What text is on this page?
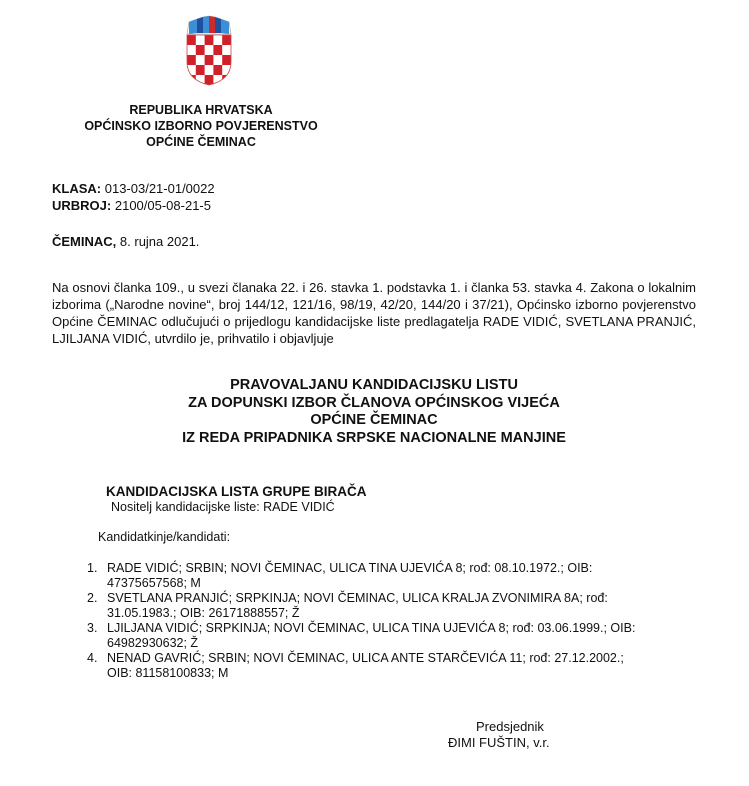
REPUBLIKA HRVATSKA
OPĆINSKO IZBORNO POVJERENSTVO
OPĆINE ČEMINAC
KLASA: 013-03/21-01/0022
URBROJ: 2100/05-08-21-5
ČEMINAC, 8. rujna 2021.
Na osnovi članka 109., u svezi članaka 22. i 26. stavka 1. podstavka 1. i članka 53. stavka 4. Zakona o lokalnim izborima („Narodne novine“, broj 144/12, 121/16, 98/19, 42/20, 144/20 i 37/21), Općinsko izborno povjerenstvo Općine ČEMINAC odlučujući o prijedlogu kandidacijske liste predlagatelja RADE VIDIĆ, SVETLANA PRANJIĆ, LJILJANA VIDIĆ, utvrdilo je, prihvatilo i objavljuje
PRAVOVALJANU KANDIDACIJSKU LISTU
ZA DOPUNSKI IZBOR ČLANOVA OPĆINSKOG VIJEĆA
OPĆINE ČEMINAC
IZ REDA PRIPADNIKA SRPSKE NACIONALNE MANJINE
KANDIDACIJSKA LISTA GRUPE BIRAČA
Nositelj kandidacijske liste: RADE VIDIĆ
Kandidatkinje/kandidati:
1. RADE VIDIĆ; SRBIN; NOVI ČEMINAC, ULICA TINA UJEVIĆA 8; rođ: 08.10.1972.; OIB:
47375657568; M
2. SVETLANA PRANJIĆ; SRPKINJA; NOVI ČEMINAC, ULICA KRALJA ZVONIMIRA 8A; rođ:
31.05.1983.; OIB: 26171888557; Ž
3. LJILJANA VIDIĆ; SRPKINJA; NOVI ČEMINAC, ULICA TINA UJEVIĆA 8; rođ: 03.06.1999.; OIB:
64982930632; Ž
4. NENAD GAVRIĆ; SRBIN; NOVI ČEMINAC, ULICA ANTE STARČEVIĆA 11; rođ: 27.12.2002.;
OIB: 81158100833; M
Predsjednik
ĐIMI FUŠTIN, v.r.
